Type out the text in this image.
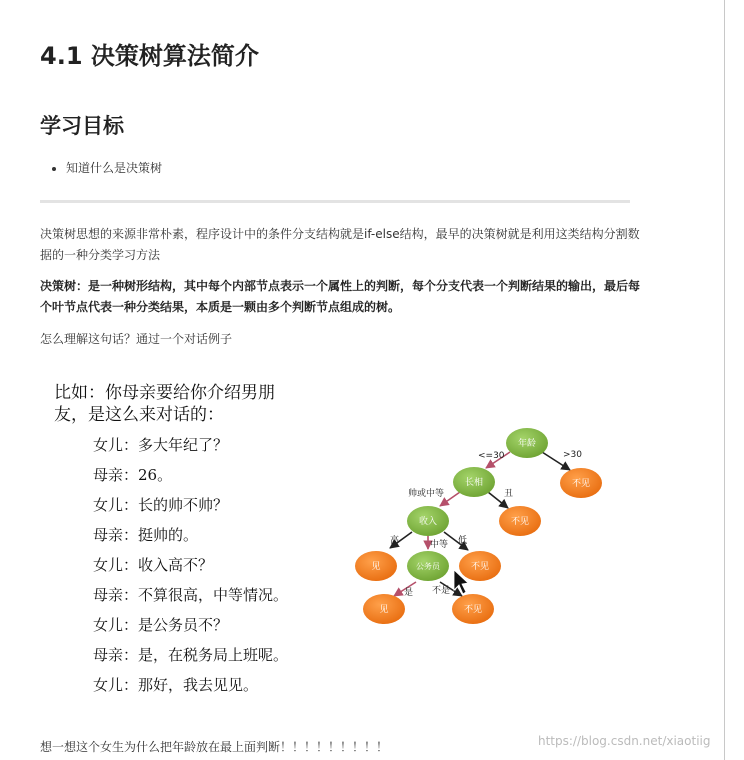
4.1 决策树算法简介
学习目标
• 知道什么是决策树

决策树思想的来源非常朴素，程序设计中的条件分支结构就是if-else结构，最早的决策树就是利用这类结构分割数据的一种分类学习方法

决策树：是一种树形结构，其中每个内部节点表示一个属性上的判断，每个分支代表一个判断结果的输出，最后每个叶节点代表一种分类结果，本质是一颗由多个判断节点组成的树。

怎么理解这句话？通过一个对话例子

比如：你母亲要给你介绍男朋友，是这么来对话的：

女儿：多大年纪了？
母亲：26。
女儿：长的帅不帅？
母亲：挺帅的。
女儿：收入高不？
母亲：不算很高，中等情况。
女儿：是公务员不？
母亲：是，在税务局上班呢。
女儿：那好，我去见见。
<=30	>30
帅或中等	丑
高	中等 低
是 不是
年龄
长相
收入
公务员
不见
不见
见	不见
见	不见

想一想这个女生为什么把年龄放在最上面判断！！！！！！！！！	https://blog.csdn.net/xiaotiig
